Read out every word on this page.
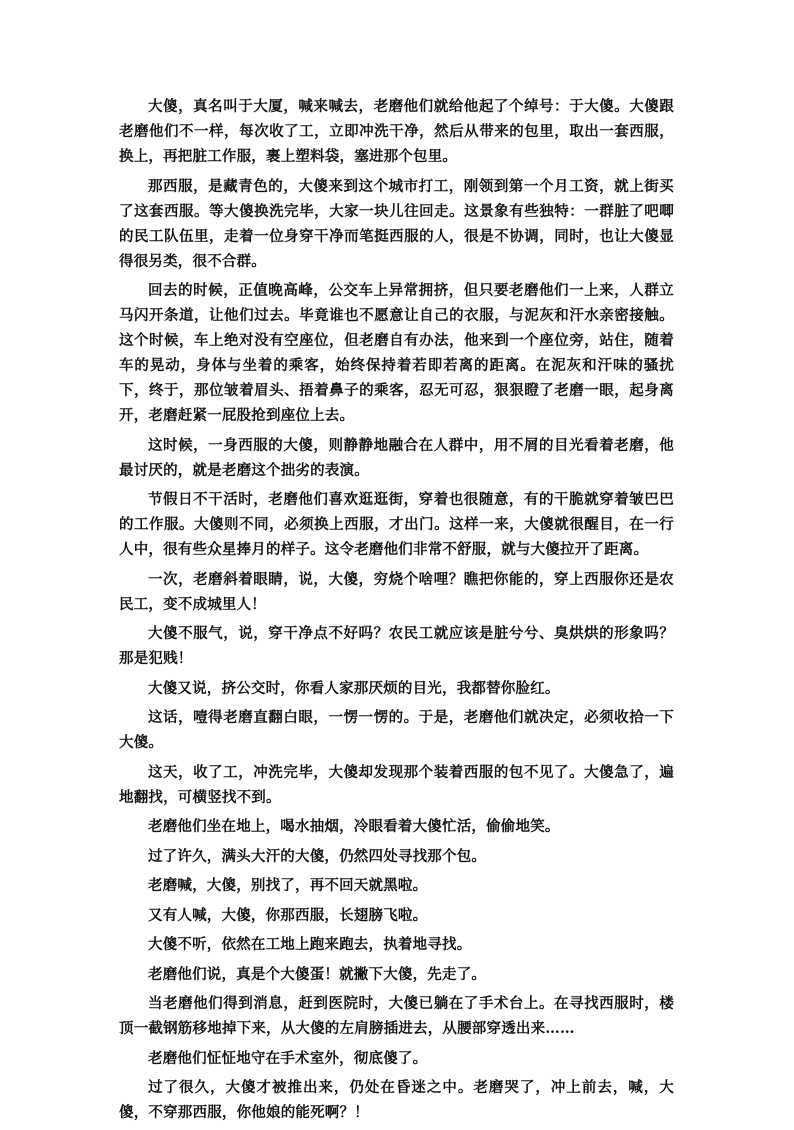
大傻，真名叫于大厦，喊来喊去，老磨他们就给他起了个绰号：于大傻。大傻跟老磨他们不一样，每次收了工，立即冲洗干净，然后从带来的包里，取出一套西服，换上，再把脏工作服，裹上塑料袋，塞进那个包里。

那西服，是藏青色的，大傻来到这个城市打工，刚领到第一个月工资，就上街买了这套西服。等大傻换洗完毕，大家一块儿往回走。这景象有些独特：一群脏了吧唧的民工队伍里，走着一位身穿干净而笔挺西服的人，很是不协调，同时，也让大傻显得很另类，很不合群。

回去的时候，正值晚高峰，公交车上异常拥挤，但只要老磨他们一上来，人群立马闪开条道，让他们过去。毕竟谁也不愿意让自己的衣服，与泥灰和汗水亲密接触。这个时候，车上绝对没有空座位，但老磨自有办法，他来到一个座位旁，站住，随着车的晃动，身体与坐着的乘客，始终保持着若即若离的距离。在泥灰和汗味的骚扰下，终于，那位皱着眉头、捂着鼻子的乘客，忍无可忍，狠狠瞪了老磨一眼，起身离开，老磨赶紧一屁股抢到座位上去。

这时候，一身西服的大傻，则静静地融合在人群中，用不屑的目光看着老磨，他最讨厌的，就是老磨这个拙劣的表演。

节假日不干活时，老磨他们喜欢逛逛街，穿着也很随意，有的干脆就穿着皱巴巴的工作服。大傻则不同，必须换上西服，才出门。这样一来，大傻就很醒目，在一行人中，很有些众星捧月的样子。这令老磨他们非常不舒服，就与大傻拉开了距离。

一次，老磨斜着眼睛，说，大傻，穷烧个啥哩？瞧把你能的，穿上西服你还是农民工，变不成城里人！

大傻不服气，说，穿干净点不好吗？农民工就应该是脏兮兮、臭烘烘的形象吗？那是犯贱！

大傻又说，挤公交时，你看人家那厌烦的目光，我都替你脸红。

这话，噎得老磨直翻白眼，一愣一愣的。于是，老磨他们就决定，必须收拾一下大傻。

这天，收了工，冲洗完毕，大傻却发现那个装着西服的包不见了。大傻急了，遍地翻找，可横竖找不到。

老磨他们坐在地上，喝水抽烟，冷眼看着大傻忙活，偷偷地笑。

过了许久，满头大汗的大傻，仍然四处寻找那个包。

老磨喊，大傻，别找了，再不回天就黑啦。

又有人喊，大傻，你那西服，长翅膀飞啦。

大傻不听，依然在工地上跑来跑去，执着地寻找。

老磨他们说，真是个大傻蛋！就撇下大傻，先走了。

当老磨他们得到消息，赶到医院时，大傻已躺在了手术台上。在寻找西服时，楼顶一截钢筋移地掉下来，从大傻的左肩膀插进去，从腰部穿透出来……

老磨他们怔怔地守在手术室外，彻底傻了。

过了很久，大傻才被推出来，仍处在昏迷之中。老磨哭了，冲上前去，喊，大傻，不穿那西服，你他娘的能死啊？！
